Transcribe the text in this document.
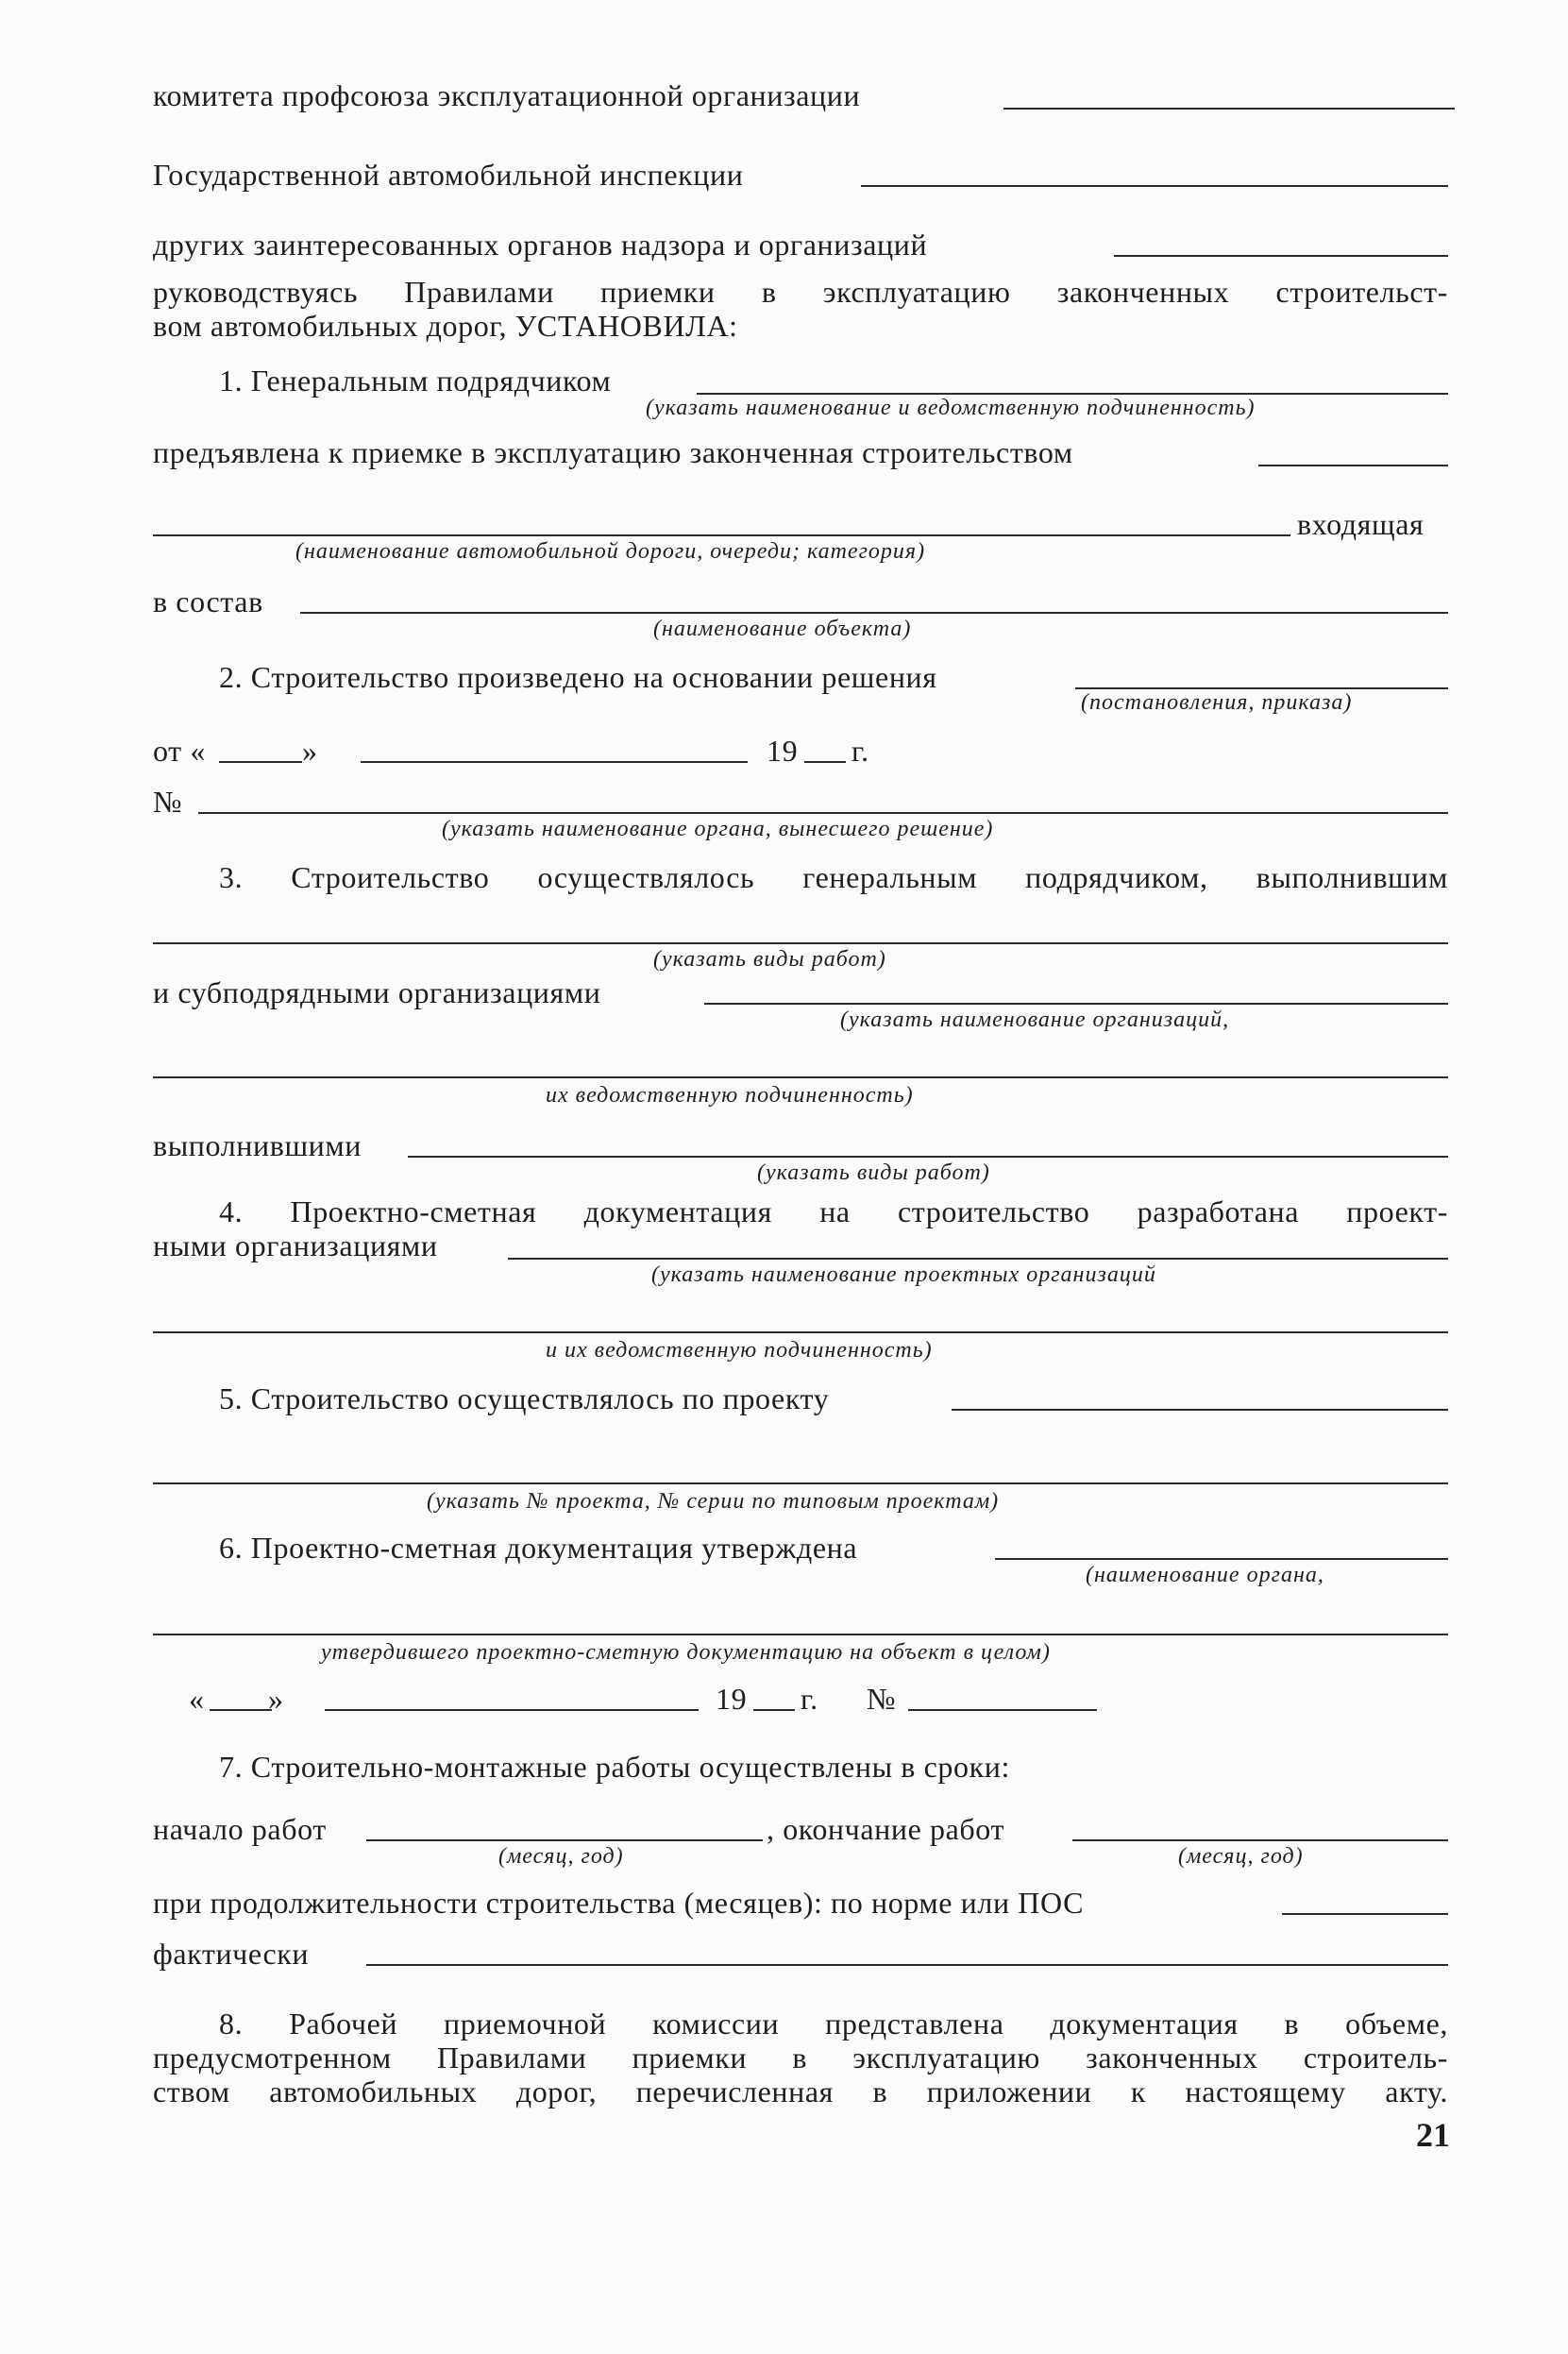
комитета профсоюза эксплуатационной организации
Государственной автомобильной инспекции
других заинтересованных органов надзора и организаций
руководствуясь Правилами приемки в эксплуатацию законченных строительст-
вом автомобильных дорог, УСТАНОВИЛА:
1. Генеральным подрядчиком
(указать наименование и ведомственную подчиненность)
предъявлена к приемке в эксплуатацию законченная строительством
входящая
(наименование автомобильной дороги, очереди; категория)
в состав
(наименование объекта)
2. Строительство произведено на основании решения
(постановления, приказа)
от «	»	19 г.
№
(указать наименование органа, вынесшего решение)
3. Строительство осуществлялось генеральным подрядчиком, выполнившим
(указать виды работ)
и субподрядными организациями
(указать наименование организаций,
их ведомственную подчиненность)
выполнившими
(указать виды работ)
4. Проектно-сметная документация на строительство разработана проект-
ными организациями
(указать наименование проектных организаций
и их ведомственную подчиненность)
5. Строительство осуществлялось по проекту
(указать № проекта, № серии по типовым проектам)
6. Проектно-сметная документация утверждена
(наименование органа,
утвердившего проектно-сметную документацию на объект в целом)
« »	19 г. №
7. Строительно-монтажные работы осуществлены в сроки:
начало работ	, окончание работ
(месяц, год)	(месяц, год)
при продолжительности строительства (месяцев): по норме или ПОС
фактически
8. Рабочей приемочной комиссии представлена документация в объеме,
предусмотренном Правилами приемки в эксплуатацию законченных строитель-
ством автомобильных дорог, перечисленная в приложении к настоящему акту.
21
